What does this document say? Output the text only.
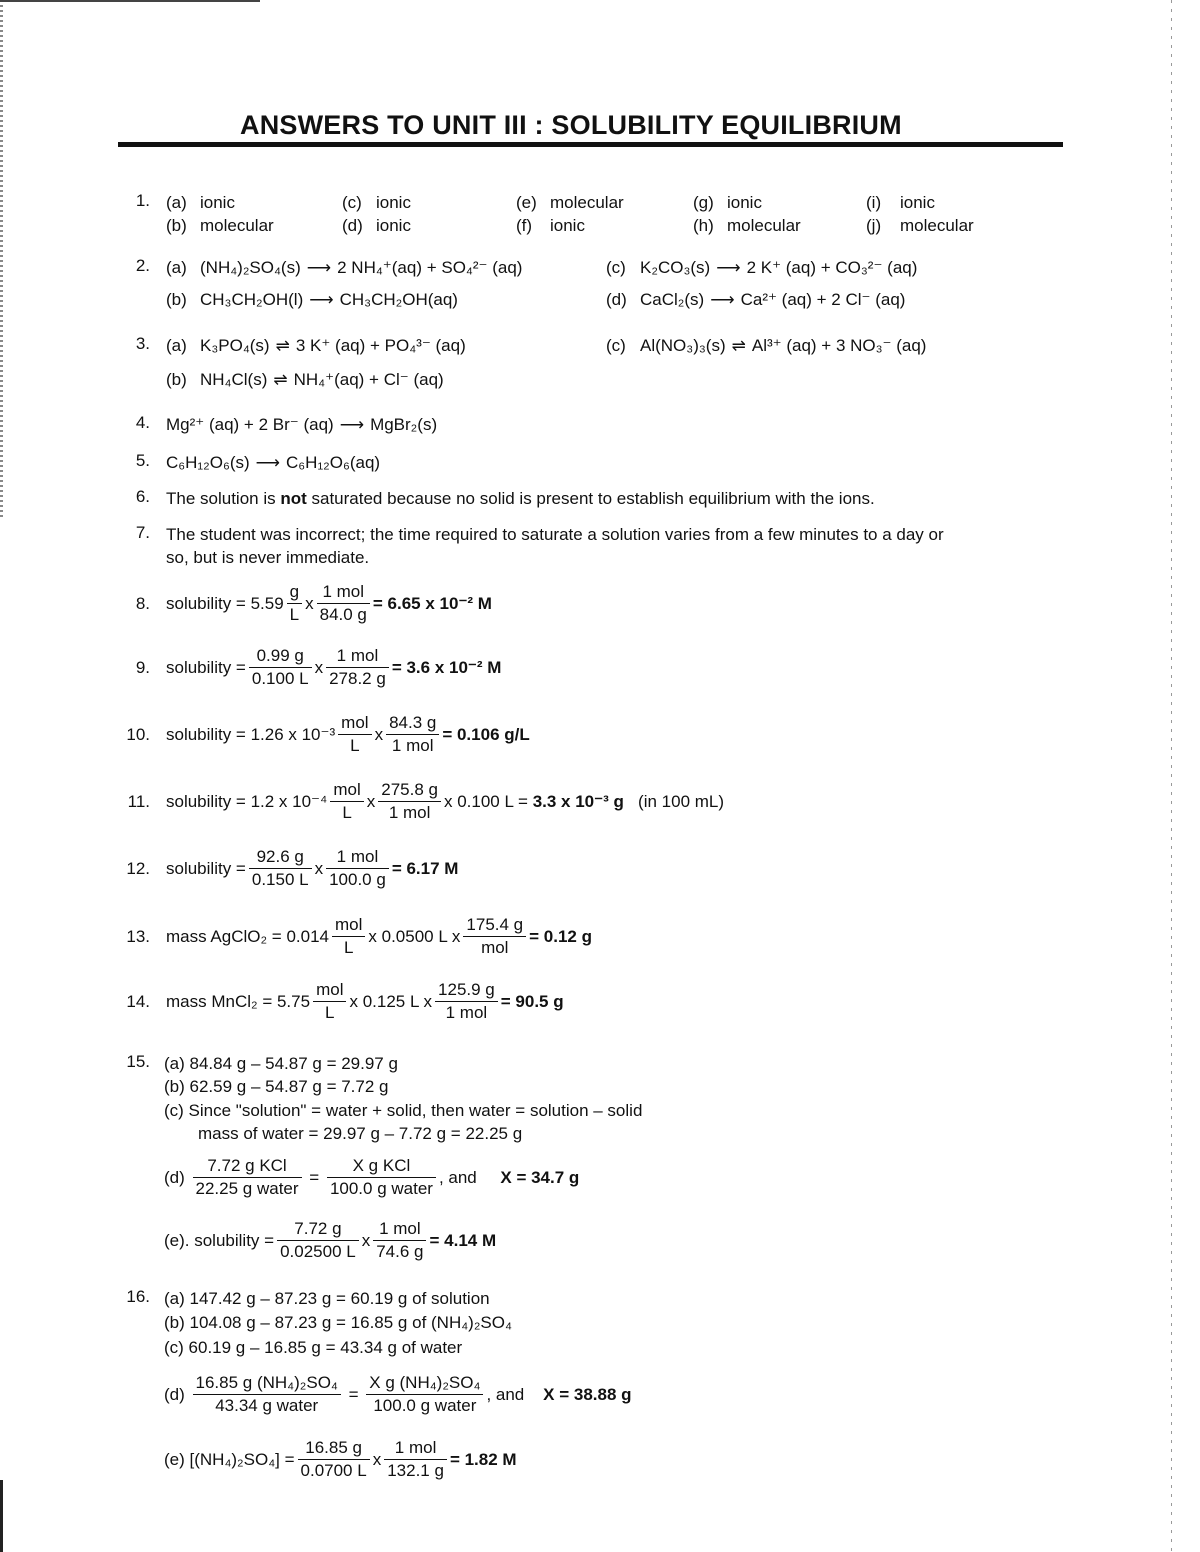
ANSWERS TO UNIT III : SOLUBILITY EQUILIBRIUM
1. (a) ionic
(b) molecular
(c) ionic
(d) ionic
(e) molecular
(f) ionic
(g) ionic
(h) molecular
(i) ionic
(j) molecular
2. (a) (NH₄)₂SO₄(s) ⟶ 2 NH₄⁺(aq) + SO₄²⁻ (aq)
(b) CH₃CH₂OH(l) ⟶ CH₃CH₂OH(aq)
(c) K₂CO₃(s) ⟶ 2 K⁺ (aq) + CO₃²⁻ (aq)
(d) CaCl₂(s) ⟶ Ca²⁺ (aq) + 2 Cl⁻ (aq)
3. (a) K₃PO₄(s) ⇌ 3 K⁺ (aq) + PO₄³⁻ (aq)
(b) NH₄Cl(s) ⇌ NH₄⁺(aq) + Cl⁻ (aq)
(c) Al(NO₃)₃(s) ⇌ Al³⁺ (aq) + 3 NO₃⁻ (aq)
4. Mg²⁺ (aq) + 2 Br⁻ (aq) ⟶ MgBr₂(s)
5. C₆H₁₂O₆(s) ⟶ C₆H₁₂O₆(aq)
6. The solution is not saturated because no solid is present to establish equilibrium with the ions.
7. The student was incorrect; the time required to saturate a solution varies from a few minutes to a day or
so, but is never immediate.
8. solubility = $5.59 \frac{g}{L}$ x $\frac{\text{1 mol}}{84.0 g} = 6.65$ x 10⁻² M
9. solubility = $\frac{0.99 g}{0.100 L}$ x $\frac{\text{1 mol}}{278.2 g} = 3.6$ x 10⁻² M
10. solubility = 1.26 x $10^{-3} \frac{\text{mol}}{L}$ x $\frac{84.3 g}{\text{1 mol}} = 0.106$ g/L
11. solubility = 1.2 x $10^{-4} \frac{\text{mol}}{L}$ x $\frac{275.8 g}{\text{1 mol}}$ x 0.100 L =
3.3 x 10⁻³ g
(in 100 mL)
12. solubility = $\frac{92.6 g}{0.150 L}$ x $\frac{\text{1 mol}}{100.0 g} = 6.17$ M
13. mass AgClO₂ = $0.014 \frac{\text{mol}}{L}$ x 0.0500 L x $\frac{175.4 g}{\text{mol}} = 0.12$ g
14. mass MnCl₂ = $5.75 \frac{\text{mol}}{L}$ x 0.125 L x $\frac{125.9 g}{\text{1 mol}} = 90.5$ g
15. (a) 84.84 g – 54.87 g = 29.97 g
(b) 62.59 g – 54.87 g = 7.72 g
(c) Since "solution" = water + solid, then water = solution – solid
mass of water = 29.97 g – 7.72 g = 22.25 g
(d)
$\frac{\text{7.72 g KCl}}{\text{22.25 g water}}$
=
$\frac{\text{X g KCl}}{\text{100.0 g water}}$ , and
X = 34.7 g
(e). solubility = $\frac{7.72 g}{0.02500 L}$ x $\frac{\text{1 mol}}{74.6 g} = 4.14$ M
16. (a) 147.42 g – 87.23 g = 60.19 g of solution
(b) 104.08 g – 87.23 g = 16.85 g of (NH₄)₂SO₄
(c) 60.19 g – 16.85 g = 43.34 g of water
(d)
$\frac{\text{16.85 g (NH₄)₂SO₄}}{\text{43.34 g water}}$
=
$\frac{\text{X g (NH₄)₂SO₄}}{\text{100.0 g water}}$ , and
X = 38.88 g
(e) $[(NH_4)_2SO_4] = \frac{16.85 g}{0.0700 L}$ x $\frac{\text{1 mol}}{132.1 g} = 1.82$ M
